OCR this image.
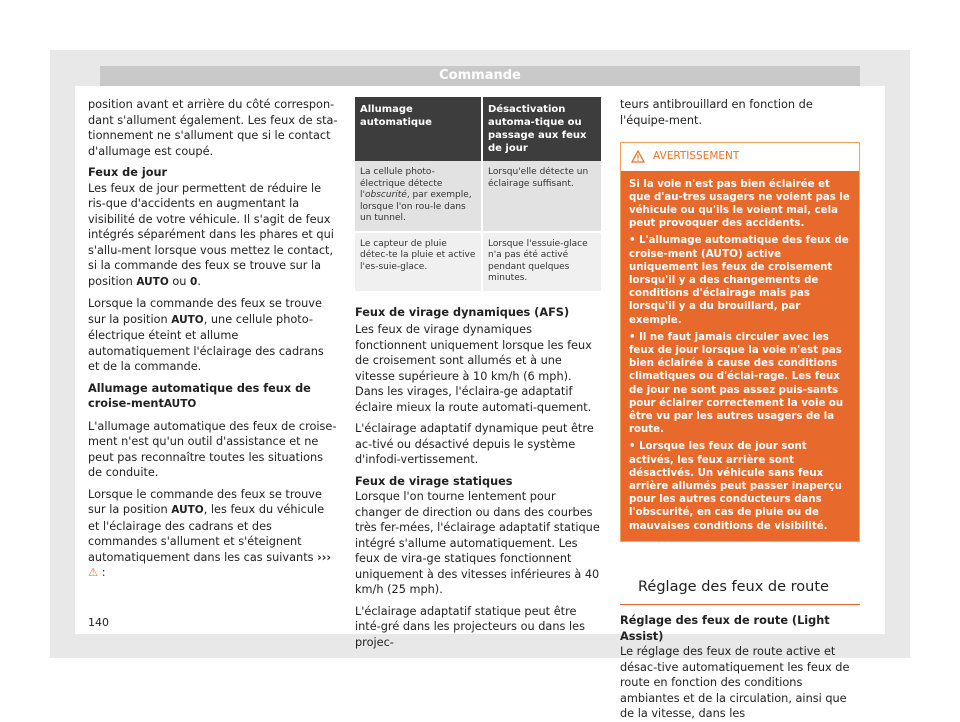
Commande

position avant et arrière du côté correspon-dant s'allument également. Les feux de sta-tionnement ne s'allument que si le contact d'allumage est coupé.

Feux de jour

Les feux de jour permettent de réduire le ris-que d'accidents en augmentant la visibilité de votre véhicule. Il s'agit de feux intégrés séparément dans les phares et qui s'allu-ment lorsque vous mettez le contact, si la commande des feux se trouve sur la position AUTO ou 0.

Lorsque la commande des feux se trouve sur la position AUTO, une cellule photo-électrique éteint et allume automatiquement l'éclairage des cadrans et de la commande.

Allumage automatique des feux de croise-mentAUTO

L'allumage automatique des feux de croise-ment n'est qu'un outil d'assistance et ne peut pas reconnaître toutes les situations de conduite.

Lorsque le commande des feux se trouve sur la position AUTO, les feux du véhicule et l'éclairage des cadrans et des commandes s'allument et s'éteignent automatiquement dans les cas suivants ››› ⚠ :

Allumage automatique	Désactivation automa-tique ou passage aux feux de jour
La cellule photo-électrique détecte l'obscurité, par exemple, lorsque l'on rou-le dans un tunnel.	Lorsqu'elle détecte un éclairage suffisant.
Le capteur de pluie détec-te la pluie et active l'es-suie-glace.	Lorsque l'essuie-glace n'a pas été activé pendant quelques minutes.

Feux de virage dynamiques (AFS)

Les feux de virage dynamiques fonctionnent uniquement lorsque les feux de croisement sont allumés et à une vitesse supérieure à 10 km/h (6 mph). Dans les virages, l'éclaira-ge adaptatif éclaire mieux la route automati-quement.

L'éclairage adaptatif dynamique peut être ac-tivé ou désactivé depuis le système d'infodi-vertissement.

Feux de virage statiques

Lorsque l'on tourne lentement pour changer de direction ou dans des courbes très fer-mées, l'éclairage adaptatif statique intégré s'allume automatiquement. Les feux de vira-ge statiques fonctionnent uniquement à des vitesses inférieures à 40 km/h (25 mph).

L'éclairage adaptatif statique peut être inté-gré dans les projecteurs ou dans les projec-

teurs antibrouillard en fonction de l'équipe-ment.

AVERTISSEMENT

Si la voie n'est pas bien éclairée et que d'au-tres usagers ne voient pas le véhicule ou qu'ils le voient mal, cela peut provoquer des accidents.

• L'allumage automatique des feux de croise-ment (AUTO) active uniquement les feux de croisement lorsqu'il y a des changements de conditions d'éclairage mais pas lorsqu'il y a du brouillard, par exemple.

• Il ne faut jamais circuler avec les feux de jour lorsque la voie n'est pas bien éclairée à cause des conditions climatiques ou d'éclai-rage. Les feux de jour ne sont pas assez puis-sants pour éclairer correctement la voie ou être vu par les autres usagers de la route.

• Lorsque les feux de jour sont activés, les feux arrière sont désactivés. Un véhicule sans feux arrière allumés peut passer inaperçu pour les autres conducteurs dans l'obscurité, en cas de pluie ou de mauvaises conditions de visibilité.

Réglage des feux de route

Réglage des feux de route (Light Assist)

Le réglage des feux de route active et désac-tive automatiquement les feux de route en fonction des conditions ambiantes et de la circulation, ainsi que de la vitesse, dans les

140
